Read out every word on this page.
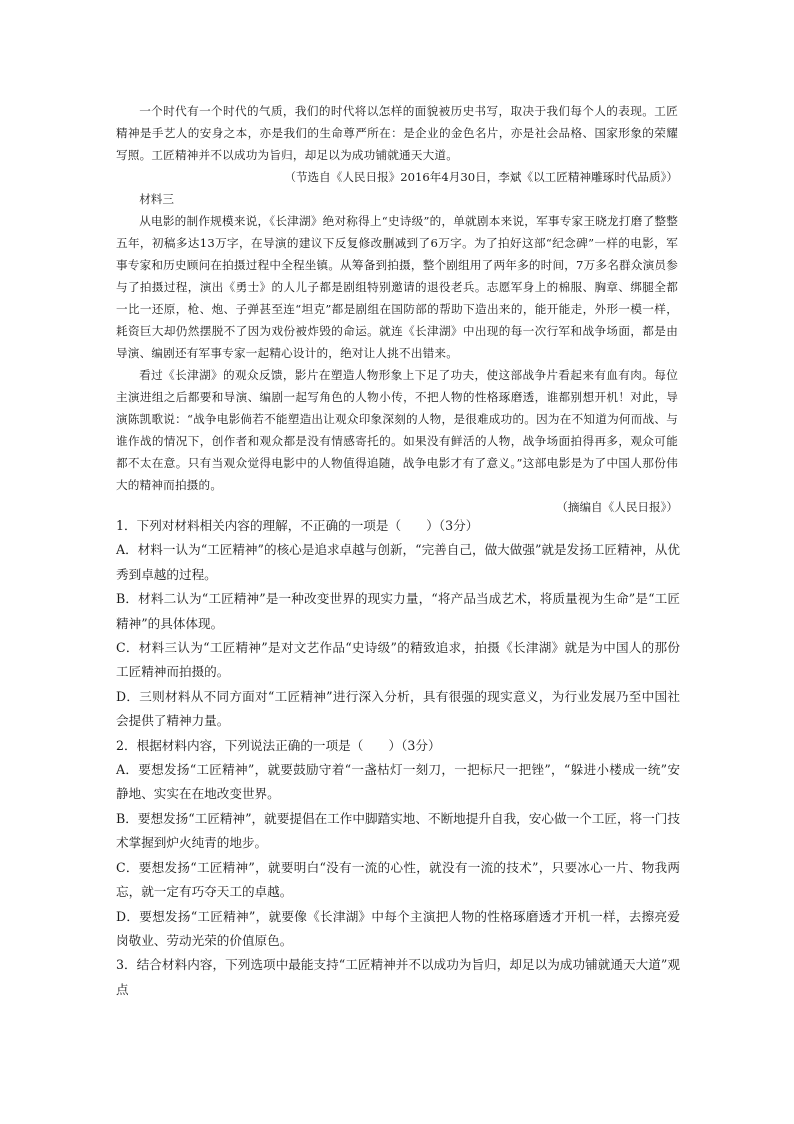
一个时代有一个时代的气质，我们的时代将以怎样的面貌被历史书写，取决于我们每个人的表现。工匠精神是手艺人的安身之本，亦是我们的生命尊严所在：是企业的金色名片，亦是社会品格、国家形象的荣耀写照。工匠精神并不以成功为旨归，却足以为成功铺就通天大道。

（节选自《人民日报》2016年4月30日，李斌《以工匠精神雕琢时代品质》）

材料三

从电影的制作规模来说，《长津湖》绝对称得上“史诗级”的，单就剧本来说，军事专家王晓龙打磨了整整五年，初稿多达13万字，在导演的建议下反复修改删减到了6万字。为了拍好这部“纪念碑”一样的电影，军事专家和历史顾问在拍摄过程中全程坐镇。从筹备到拍摄，整个剧组用了两年多的时间，7万多名群众演员参与了拍摄过程，演出《勇士》的人儿子都是剧组特别邀请的退役老兵。志愿军身上的棉服、胸章、绑腿全都一比一还原，枪、炮、子弹甚至连“坦克”都是剧组在国防部的帮助下造出来的，能开能走，外形一模一样，耗资巨大却仍然摆脱不了因为戏份被炸毁的命运。就连《长津湖》中出现的每一次行军和战争场面，都是由导演、编剧还有军事专家一起精心设计的，绝对让人挑不出错来。

看过《长津湖》的观众反馈，影片在塑造人物形象上下足了功夫，使这部战争片看起来有血有肉。每位主演进组之后都要和导演、编剧一起写角色的人物小传，不把人物的性格琢磨透，谁都别想开机！对此，导演陈凯歌说：“战争电影倘若不能塑造出让观众印象深刻的人物，是很难成功的。因为在不知道为何而战、与谁作战的情况下，创作者和观众都是没有情感寄托的。如果没有鲜活的人物，战争场面拍得再多，观众可能都不太在意。只有当观众觉得电影中的人物值得追随，战争电影才有了意义。”这部电影是为了中国人那份伟大的精神而拍摄的。

（摘编自《人民日报》）

1．下列对材料相关内容的理解，不正确的一项是（　　）（3分）

A．材料一认为“工匠精神”的核心是追求卓越与创新，“完善自己，做大做强”就是发扬工匠精神，从优秀到卓越的过程。

B．材料二认为“工匠精神”是一种改变世界的现实力量，“将产品当成艺术，将质量视为生命”是“工匠精神”的具体体现。

C．材料三认为“工匠精神”是对文艺作品“史诗级”的精致追求，拍摄《长津湖》就是为中国人的那份工匠精神而拍摄的。

D．三则材料从不同方面对“工匠精神”进行深入分析，具有很强的现实意义，为行业发展乃至中国社会提供了精神力量。

2．根据材料内容，下列说法正确的一项是（　　）（3分）

A．要想发扬“工匠精神”，就要鼓励守着“一盏枯灯一刻刀，一把标尺一把锉”，“躲进小楼成一统”安静地、实实在在地改变世界。

B．要想发扬“工匠精神”，就要提倡在工作中脚踏实地、不断地提升自我，安心做一个工匠，将一门技术掌握到炉火纯青的地步。

C．要想发扬“工匠精神”，就要明白“没有一流的心性，就没有一流的技术”，只要冰心一片、物我两忘，就一定有巧夺天工的卓越。

D．要想发扬“工匠精神”，就要像《长津湖》中每个主演把人物的性格琢磨透才开机一样，去擦亮爱岗敬业、劳动光荣的价值原色。

3．结合材料内容，下列选项中最能支持“工匠精神并不以成功为旨归，却足以为成功铺就通天大道”观点
